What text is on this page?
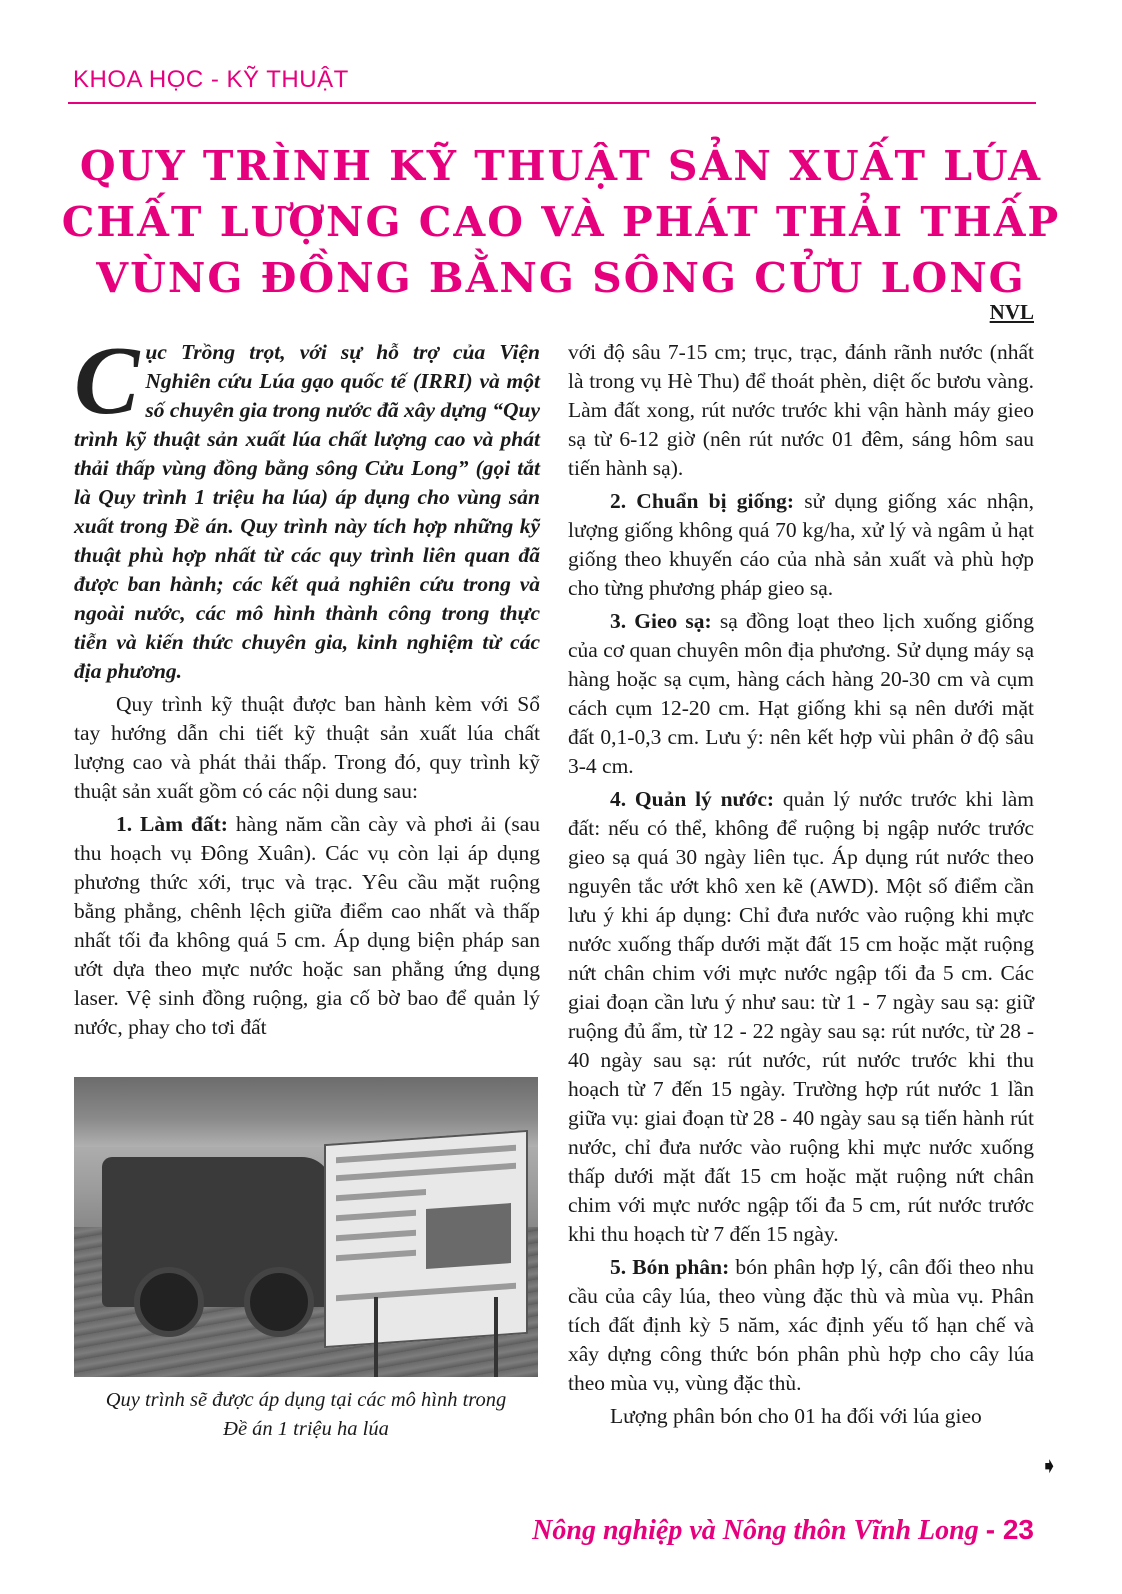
KHOA HỌC - KỸ THUẬT
QUY TRÌNH KỸ THUẬT SẢN XUẤT LÚA
CHẤT LƯỢNG CAO VÀ PHÁT THẢI THẤP
VÙNG ĐỒNG BẰNG SÔNG CỬU LONG
NVL

Cục Trồng trọt, với sự hỗ trợ của Viện Nghiên cứu Lúa gạo quốc tế (IRRI) và một số chuyên gia trong nước đã xây dựng “Quy trình kỹ thuật sản xuất lúa chất lượng cao và phát thải thấp vùng đồng bằng sông Cửu Long” (gọi tắt là Quy trình 1 triệu ha lúa) áp dụng cho vùng sản xuất trong Đề án. Quy trình này tích hợp những kỹ thuật phù hợp nhất từ các quy trình liên quan đã được ban hành; các kết quả nghiên cứu trong và ngoài nước, các mô hình thành công trong thực tiễn và kiến thức chuyên gia, kinh nghiệm từ các địa phương.

Quy trình kỹ thuật được ban hành kèm với Sổ tay hướng dẫn chi tiết kỹ thuật sản xuất lúa chất lượng cao và phát thải thấp. Trong đó, quy trình kỹ thuật sản xuất gồm có các nội dung sau:

1. Làm đất: hàng năm cần cày và phơi ải (sau thu hoạch vụ Đông Xuân). Các vụ còn lại áp dụng phương thức xới, trục và trạc. Yêu cầu mặt ruộng bằng phẳng, chênh lệch giữa điểm cao nhất và thấp nhất tối đa không quá 5 cm. Áp dụng biện pháp san ướt dựa theo mực nước hoặc san phẳng ứng dụng laser. Vệ sinh đồng ruộng, gia cố bờ bao để quản lý nước, phay cho tơi đất

Quy trình sẽ được áp dụng tại các mô hình trong
Đề án 1 triệu ha lúa

với độ sâu 7-15 cm; trục, trạc, đánh rãnh nước (nhất là trong vụ Hè Thu) để thoát phèn, diệt ốc bươu vàng. Làm đất xong, rút nước trước khi vận hành máy gieo sạ từ 6-12 giờ (nên rút nước 01 đêm, sáng hôm sau tiến hành sạ).

2. Chuẩn bị giống: sử dụng giống xác nhận, lượng giống không quá 70 kg/ha, xử lý và ngâm ủ hạt giống theo khuyến cáo của nhà sản xuất và phù hợp cho từng phương pháp gieo sạ.

3. Gieo sạ: sạ đồng loạt theo lịch xuống giống của cơ quan chuyên môn địa phương. Sử dụng máy sạ hàng hoặc sạ cụm, hàng cách hàng 20-30 cm và cụm cách cụm 12-20 cm. Hạt giống khi sạ nên dưới mặt đất 0,1-0,3 cm. Lưu ý: nên kết hợp vùi phân ở độ sâu 3-4 cm.

4. Quản lý nước: quản lý nước trước khi làm đất: nếu có thể, không để ruộng bị ngập nước trước gieo sạ quá 30 ngày liên tục. Áp dụng rút nước theo nguyên tắc ướt khô xen kẽ (AWD). Một số điểm cần lưu ý khi áp dụng: Chỉ đưa nước vào ruộng khi mực nước xuống thấp dưới mặt đất 15 cm hoặc mặt ruộng nứt chân chim với mực nước ngập tối đa 5 cm. Các giai đoạn cần lưu ý như sau: từ 1 - 7 ngày sau sạ: giữ ruộng đủ ẩm, từ 12 - 22 ngày sau sạ: rút nước, từ 28 - 40 ngày sau sạ: rút nước, rút nước trước khi thu hoạch từ 7 đến 15 ngày. Trường hợp rút nước 1 lần giữa vụ: giai đoạn từ 28 - 40 ngày sau sạ tiến hành rút nước, chỉ đưa nước vào ruộng khi mực nước xuống thấp dưới mặt đất 15 cm hoặc mặt ruộng nứt chân chim với mực nước ngập tối đa 5 cm, rút nước trước khi thu hoạch từ 7 đến 15 ngày.

5. Bón phân: bón phân hợp lý, cân đối theo nhu cầu của cây lúa, theo vùng đặc thù và mùa vụ. Phân tích đất định kỳ 5 năm, xác định yếu tố hạn chế và xây dựng công thức bón phân phù hợp cho cây lúa theo mùa vụ, vùng đặc thù.

Lượng phân bón cho 01 ha đối với lúa gieo

➧
Nông nghiệp và Nông thôn Vĩnh Long - 23
